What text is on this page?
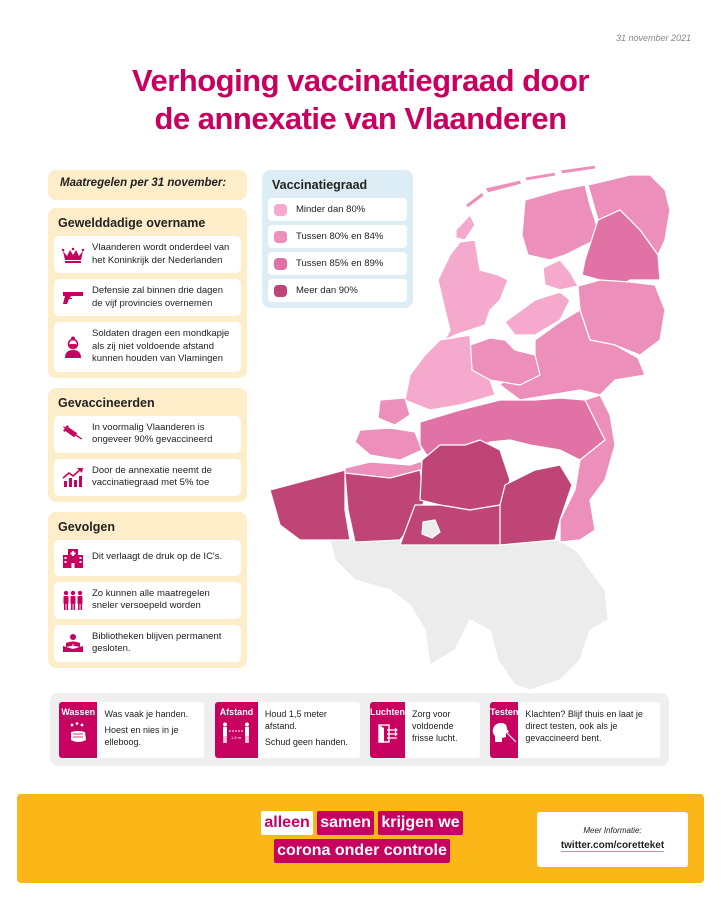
31 november 2021
Verhoging vaccinatiegraad door
de annexatie van Vlaanderen
Maatregelen per 31 november:
Gewelddadige overname
Vlaanderen wordt onderdeel van het Koninkrijk der Nederlanden
Defensie zal binnen drie dagen de vijf provincies overnemen
Soldaten dragen een mondkapje als zij niet voldoende afstand kunnen houden van Vlamingen
Gevaccineerden
In voormalig Vlaanderen is ongeveer 90% gevaccineerd
Door de annexatie neemt de vaccinatiegraad met 5% toe
Gevolgen
Dit verlaagt de druk op de IC's.
Zo kunnen alle maatregelen sneler versoepeld worden
Bibliotheken blijven permanent gesloten.
Vaccinatiegraad
Minder dan 80%
Tussen 80% en 84%
Tussen 85% en 89%
Meer dan 90%
Wassen Was vaak je handen.

Hoest en nies in je elleboog.

Afstand
1,5 m

Houd 1,5 meter afstand.

Schud geen handen.

Luchten Zorg voor voldoende frisse lucht.

Testen Klachten? Blijf thuis en laat je direct testen, ook als je gevaccineerd bent.

alleen samen krijgen we
corona onder controle
Meer Informatie:
twitter.com/coretteket
